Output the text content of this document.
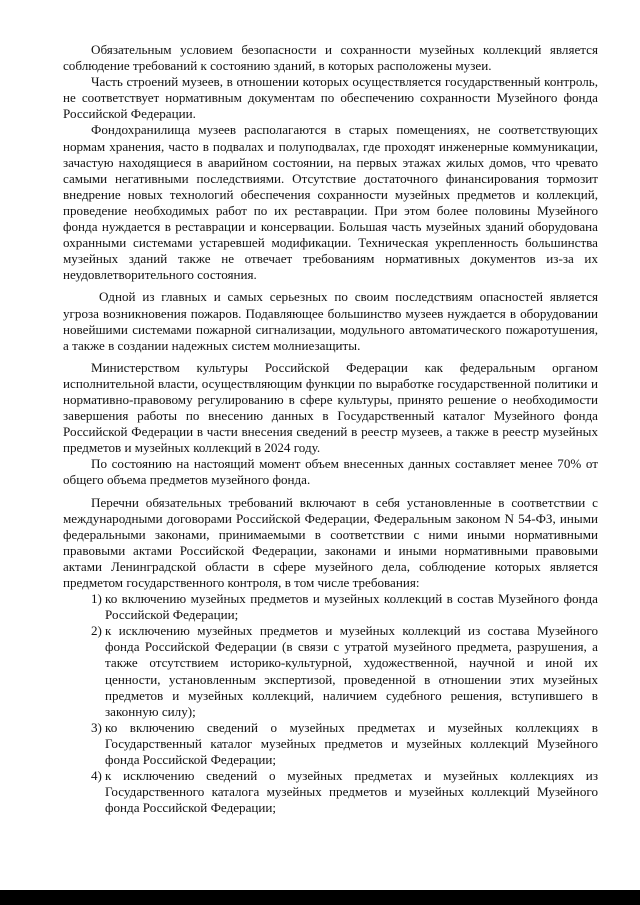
Обязательным условием безопасности и сохранности музейных коллекций является соблюдение требований к состоянию зданий, в которых расположены музеи.

Часть строений музеев, в отношении которых осуществляется государственный контроль, не соответствует нормативным документам по обеспечению сохранности Музейного фонда Российской Федерации.

Фондохранилища музеев располагаются в старых помещениях, не соответствующих нормам хранения, часто в подвалах и полуподвалах, где проходят инженерные коммуникации, зачастую находящиеся в аварийном состоянии, на первых этажах жилых домов, что чревато самыми негативными последствиями. Отсутствие достаточного финансирования тормозит внедрение новых технологий обеспечения сохранности музейных предметов и коллекций, проведение необходимых работ по их реставрации. При этом более половины Музейного фонда нуждается в реставрации и консервации. Большая часть музейных зданий оборудована охранными системами устаревшей модификации. Техническая укрепленность большинства музейных зданий также не отвечает требованиям нормативных документов из-за их неудовлетворительного состояния.

Одной из главных и самых серьезных по своим последствиям опасностей является угроза возникновения пожаров. Подавляющее большинство музеев нуждается в оборудовании новейшими системами пожарной сигнализации, модульного автоматического пожаротушения, а также в создании надежных систем молниезащиты.

Министерством культуры Российской Федерации как федеральным органом исполнительной власти, осуществляющим функции по выработке государственной политики и нормативно-правовому регулированию в сфере культуры, принято решение о необходимости завершения работы по внесению данных в Государственный каталог Музейного фонда Российской Федерации в части внесения сведений в реестр музеев, а также в реестр музейных предметов и музейных коллекций в 2024 году.

По состоянию на настоящий момент объем внесенных данных составляет менее 70% от общего объема предметов музейного фонда.

Перечни обязательных требований включают в себя установленные в соответствии с международными договорами Российской Федерации, Федеральным законом N 54-ФЗ, иными федеральными законами, принимаемыми в соответствии с ними иными нормативными правовыми актами Российской Федерации, законами и иными нормативными правовыми актами Ленинградской области в сфере музейного дела, соблюдение которых является предметом государственного контроля, в том числе требования:

1) ко включению музейных предметов и музейных коллекций в состав Музейного фонда Российской Федерации;
2) к исключению музейных предметов и музейных коллекций из состава Музейного фонда Российской Федерации (в связи с утратой музейного предмета, разрушения, а также отсутствием историко-культурной, художественной, научной и иной их ценности, установленным экспертизой, проведенной в отношении этих музейных предметов и музейных коллекций, наличием судебного решения, вступившего в законную силу);
3) ко включению сведений о музейных предметах и музейных коллекциях в Государственный каталог музейных предметов и музейных коллекций Музейного фонда Российской Федерации;
4) к исключению сведений о музейных предметах и музейных коллекциях из Государственного каталога музейных предметов и музейных коллекций Музейного фонда Российской Федерации;
